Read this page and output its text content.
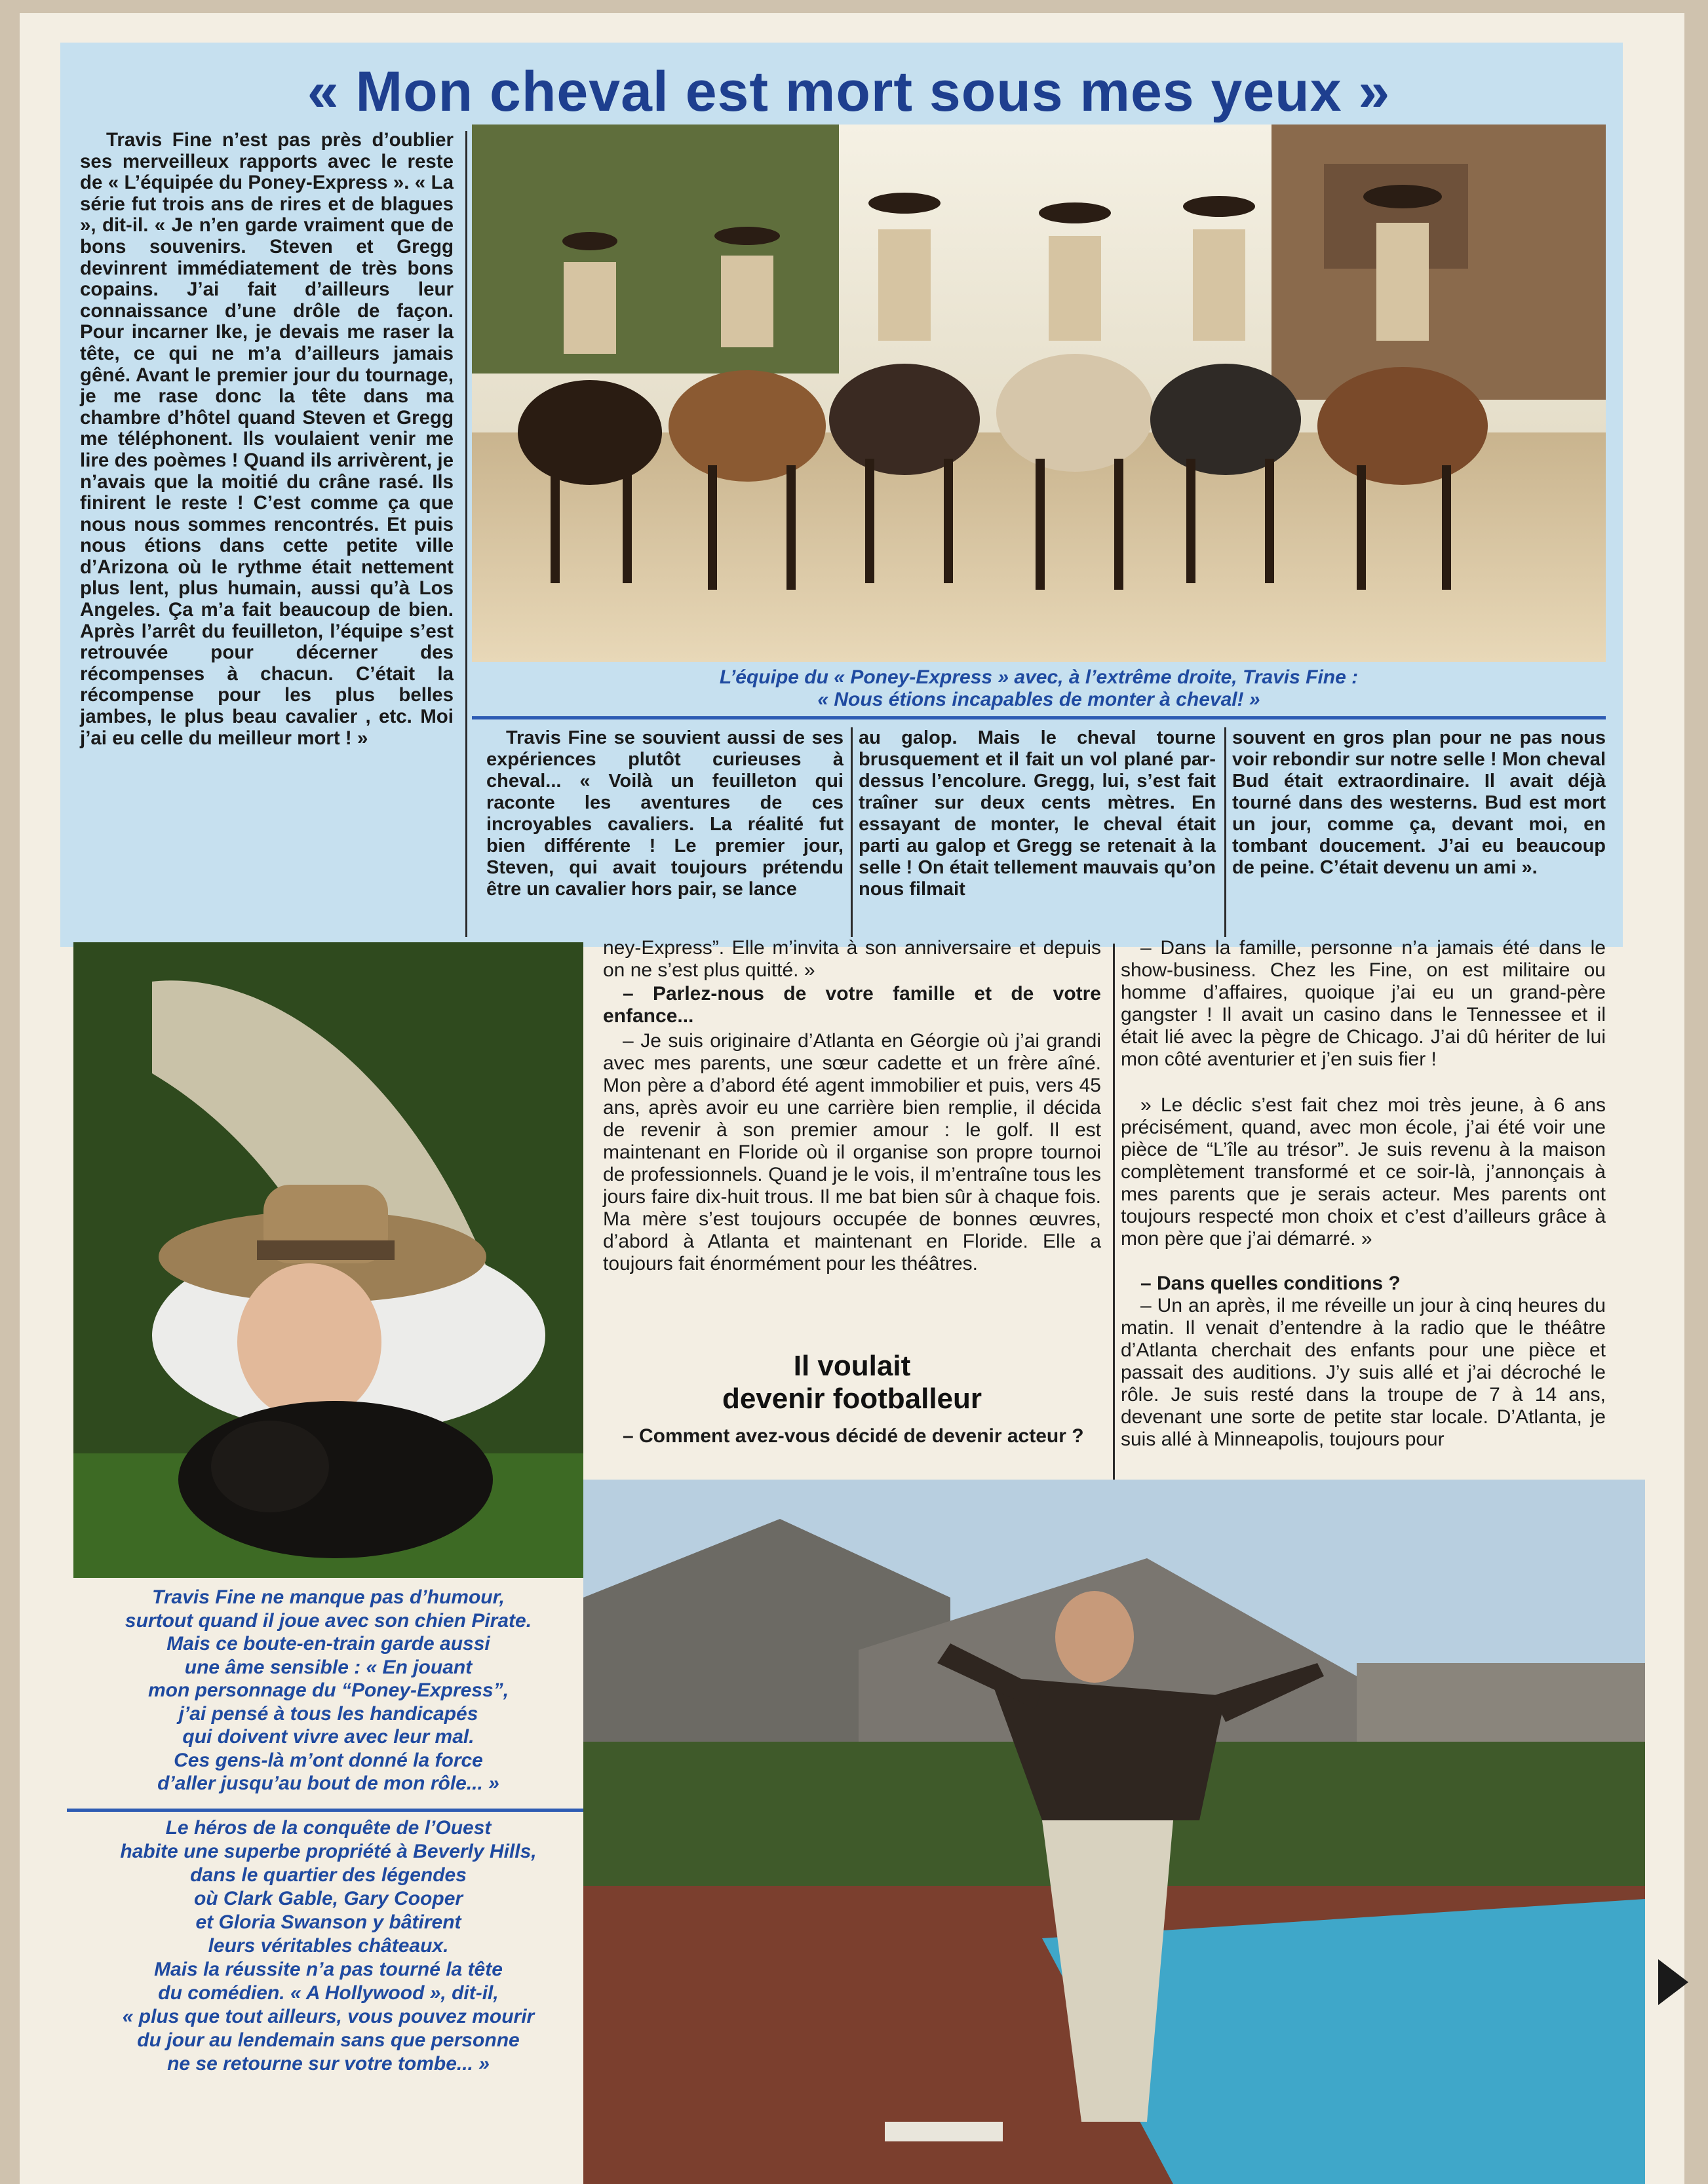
« Mon cheval est mort sous mes yeux »

Travis Fine n’est pas près d’oublier ses merveilleux rapports avec le reste de « L’équipée du Poney-Express ». « La série fut trois ans de rires et de blagues », dit-il. « Je n’en garde vraiment que de bons souvenirs. Steven et Gregg devinrent immédiatement de très bons copains. J’ai fait d’ailleurs leur connaissance d’une drôle de façon. Pour incarner Ike, je devais me raser la tête, ce qui ne m’a d’ailleurs jamais gêné. Avant le premier jour du tournage, je me rase donc la tête dans ma chambre d’hôtel quand Steven et Gregg me téléphonent. Ils voulaient venir me lire des poèmes ! Quand ils arrivèrent, je n’avais que la moitié du crâne rasé. Ils finirent le reste ! C’est comme ça que nous nous sommes rencontrés. Et puis nous étions dans cette petite ville d’Arizona où le rythme était nettement plus lent, plus humain, aussi qu’à Los Angeles. Ça m’a fait beaucoup de bien. Après l’arrêt du feuilleton, l’équipe s’est retrouvée pour décerner des récompenses à chacun. C’était la récompense pour les plus belles jambes, le plus beau cavalier , etc. Moi j’ai eu celle du meilleur mort ! »

L’équipe du « Poney-Express » avec, à l’extrême droite, Travis Fine :
« Nous étions incapables de monter à cheval! »

Travis Fine se souvient aussi de ses expériences plutôt curieuses à cheval... « Voilà un feuilleton qui raconte les aventures de ces incroyables cavaliers. La réalité fut bien différente ! Le premier jour, Steven, qui avait toujours prétendu être un cavalier hors pair, se lance

au galop. Mais le cheval tourne brusquement et il fait un vol plané par-dessus l’encolure. Gregg, lui, s’est fait traîner sur deux cents mètres. En essayant de monter, le cheval était parti au galop et Gregg se retenait à la selle ! On était tellement mauvais qu’on nous filmait

souvent en gros plan pour ne pas nous voir rebondir sur notre selle ! Mon cheval Bud était extraordinaire. Il avait déjà tourné dans des westerns. Bud est mort un jour, comme ça, devant moi, en tombant doucement. J’ai eu beaucoup de peine. C’était devenu un ami ».

Travis Fine ne manque pas d’humour,
surtout quand il joue avec son chien Pirate.
Mais ce boute-en-train garde aussi
une âme sensible : « En jouant
mon personnage du “Poney-Express”,
j’ai pensé à tous les handicapés
qui doivent vivre avec leur mal.
Ces gens-là m’ont donné la force
d’aller jusqu’au bout de mon rôle... »
Le héros de la conquête de l’Ouest
habite une superbe propriété à Beverly Hills,
dans le quartier des légendes
où Clark Gable, Gary Cooper
et Gloria Swanson y bâtirent
leurs véritables châteaux.
Mais la réussite n’a pas tourné la tête
du comédien. « A Hollywood », dit-il,
« plus que tout ailleurs, vous pouvez mourir
du jour au lendemain sans que personne
ne se retourne sur votre tombe... »

ney-Express”. Elle m’invita à son anniversaire et depuis on ne s’est plus quitté. »

– Parlez-nous de votre famille et de votre enfance...

– Je suis originaire d’Atlanta en Géorgie où j’ai grandi avec mes parents, une sœur cadette et un frère aîné. Mon père a d’abord été agent immobilier et puis, vers 45 ans, après avoir eu une carrière bien remplie, il décida de revenir à son premier amour : le golf. Il est maintenant en Floride où il organise son propre tournoi de professionnels. Quand je le vois, il m’entraîne tous les jours faire dix-huit trous. Il me bat bien sûr à chaque fois. Ma mère s’est toujours occupée de bonnes œuvres, d’abord à Atlanta et maintenant en Floride. Elle a toujours fait énormément pour les théâtres.

Il voulait
devenir footballeur

– Comment avez-vous décidé de devenir acteur ?

– Dans la famille, personne n’a jamais été dans le show-business. Chez les Fine, on est militaire ou homme d’affaires, quoique j’ai eu un grand-père gangster ! Il avait un casino dans le Tennessee et il était lié avec la pègre de Chicago. J’ai dû hériter de lui mon côté aventurier et j’en suis fier !

» Le déclic s’est fait chez moi très jeune, à 6 ans précisément, quand, avec mon école, j’ai été voir une pièce de “L’île au trésor”. Je suis revenu à la maison complètement transformé et ce soir-là, j’annonçais à mes parents que je serais acteur. Mes parents ont toujours respecté mon choix et c’est d’ailleurs grâce à mon père que j’ai démarré. »

– Dans quelles conditions ?

– Un an après, il me réveille un jour à cinq heures du matin. Il venait d’entendre à la radio que le théâtre d’Atlanta cherchait des enfants pour une pièce et passait des auditions. J’y suis allé et j’ai décroché le rôle. Je suis resté dans la troupe de 7 à 14 ans, devenant une sorte de petite star locale. D’Atlanta, je suis allé à Minneapolis, toujours pour
